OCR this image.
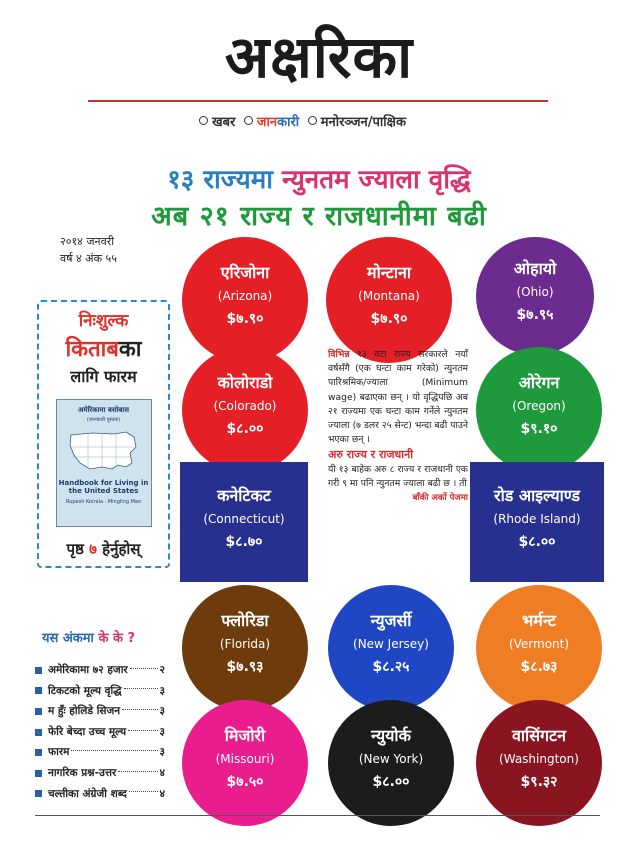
अक्षरिका
खबर जानकारी मनोरञ्जन/पाक्षिक
१३ राज्यमा न्युनतम ज्याला वृद्धि
अब २१ राज्य र राजधानीमा बढी
२०१४ जनवरी
वर्ष ४ अंक ५५
निःशुल्क
किताबका
लागि फारम
अमेरिकामा बसोबास
(जानकारी पुस्तक)
Handbook for Living in the United States
Rupesh Koirala · Mingling Mao
पृष्ठ ७ हेर्नुहोस्
एरिजोना
(Arizona)
$७.९०
मोन्टाना
(Montana)
$७.९०
ओहायो
(Ohio)
$७.९५
कोलोराडो
(Colorado)
$८.००
ओरेगन
(Oregon)
$९.१०
कनेटिकट
(Connecticut)
$८.७०
रोड आइल्याण्ड
(Rhode Island)
$८.००
फ्लोरिडा
(Florida)
$७.९३
न्युजर्सी
(New Jersey)
$८.२५
भर्मन्ट
(Vermont)
$८.७३
मिजोरी
(Missouri)
$७.५०
न्युयोर्क
(New York)
$८.००
वासिंगटन
(Washington)
$९.३२
विभिन्न १३ वटा राज्य सरकारले नयाँ वर्षसँगै (एक घन्टा काम गरेको) न्युनतम पारिश्रमिक/ज्याला (Minimum wage) बढाएका छन् । यो वृद्धिपछि अब २१ राज्यमा एक घन्टा काम गर्नेले न्युनतम ज्याला (७ डलर २५ सेन्ट) भन्दा बढी पाउने भएका छन् ।
अरु राज्य र राजधानी
यी १३ बाहेक अरु ८ राज्य र राजधानी एक गरी ९ मा पनि न्युनतम ज्याला बढी छ । ती
बाँकी अर्को पेजमा
यस अंकमा के के ?
अमेरिकामा ७२ हजार	२
टिकटको मूल्य वृद्धि	३
म हुँः होलिडे सिजन	३
फेरि बेच्दा उच्च मूल्य	३
फारम	३
नागरिक प्रश्न-उत्तर	४
चल्तीका अंग्रेजी शब्द	४
